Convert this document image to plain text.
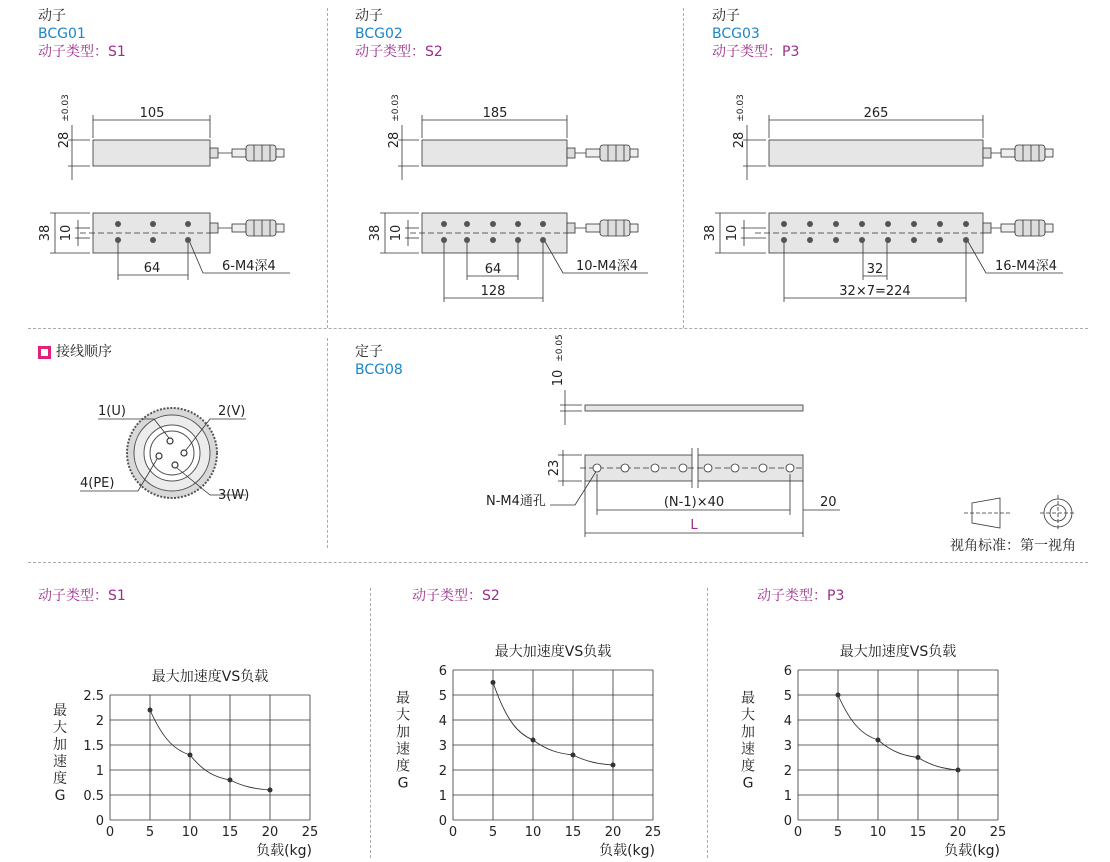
动子
BCG01
动子类型：S1
动子
BCG02
动子类型：S2
动子
BCG03
动子类型：P3
105
28
±0.03
38 10
64	6-M4深4
185
28
±0.03
38 10
64
128
10-M4深4
265
28
±0.03
38 10
32
32×7=224
16-M4深4
接线顺序
1(U)	2(V)
4(PE)
3(W)
定子
BCG08	10
±0.05
23
N-M4通孔	(N-1)×40	20
L
视角标准：第一视角
动子类型：S1	动子类型：S2	动子类型：P3
最大加速度VS负载
0 5 10 15 20 25
0
0.5
1
1.5
2
2.5
负载(kg)
最
大
加
速
度
G
最大加速度VS负载
0 5 10 15 20 25
0
1
2
3
4
5
6
负载(kg)
最
大
加
速
度
G
最大加速度VS负载
0 5 10 15 20 25
0
1
2
3
4
5
6
负载(kg)
最
大
加
速
度
G
